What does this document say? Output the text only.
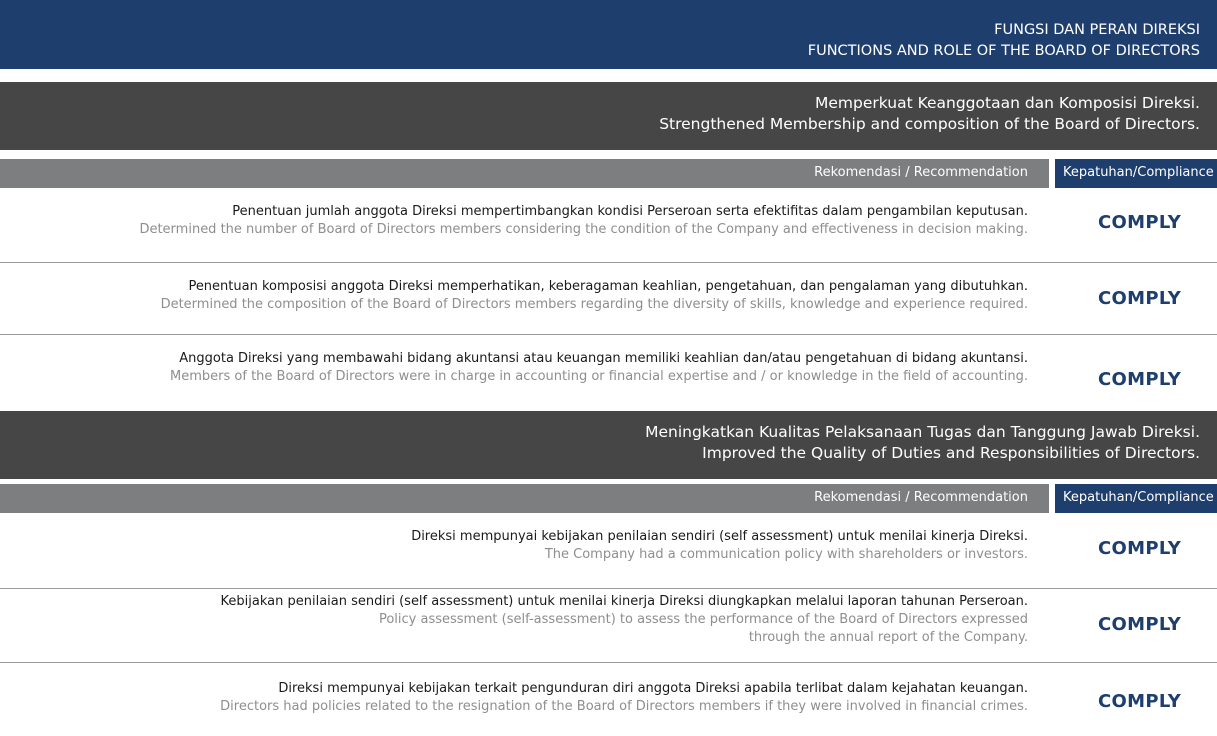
FUNGSI DAN PERAN DIREKSI
FUNCTIONS AND ROLE OF THE BOARD OF DIRECTORS
Memperkuat Keanggotaan dan Komposisi Direksi.
Strengthened Membership and composition of the Board of Directors.
Rekomendasi / Recommendation	Kepatuhan/Compliance
Penentuan jumlah anggota Direksi mempertimbangkan kondisi Perseroan serta efektifitas dalam pengambilan keputusan.
Determined the number of Board of Directors members considering the condition of the Company and effectiveness in decision making.	COMPLY
Penentuan komposisi anggota Direksi memperhatikan, keberagaman keahlian, pengetahuan, dan pengalaman yang dibutuhkan.
Determined the composition of the Board of Directors members regarding the diversity of skills, knowledge and experience required.	COMPLY
Anggota Direksi yang membawahi bidang akuntansi atau keuangan memiliki keahlian dan/atau pengetahuan di bidang akuntansi.
Members of the Board of Directors were in charge in accounting or financial expertise and / or knowledge in the field of accounting.	COMPLY
Meningkatkan Kualitas Pelaksanaan Tugas dan Tanggung Jawab Direksi.
Improved the Quality of Duties and Responsibilities of Directors.
Rekomendasi / Recommendation	Kepatuhan/Compliance
Direksi mempunyai kebijakan penilaian sendiri (self assessment) untuk menilai kinerja Direksi.
The Company had a communication policy with shareholders or investors.	COMPLY
Kebijakan penilaian sendiri (self assessment) untuk menilai kinerja Direksi diungkapkan melalui laporan tahunan Perseroan.
Policy assessment (self-assessment) to assess the performance of the Board of Directors expressed
through the annual report of the Company.
COMPLY
Direksi mempunyai kebijakan terkait pengunduran diri anggota Direksi apabila terlibat dalam kejahatan keuangan.
Directors had policies related to the resignation of the Board of Directors members if they were involved in financial crimes.	COMPLY
